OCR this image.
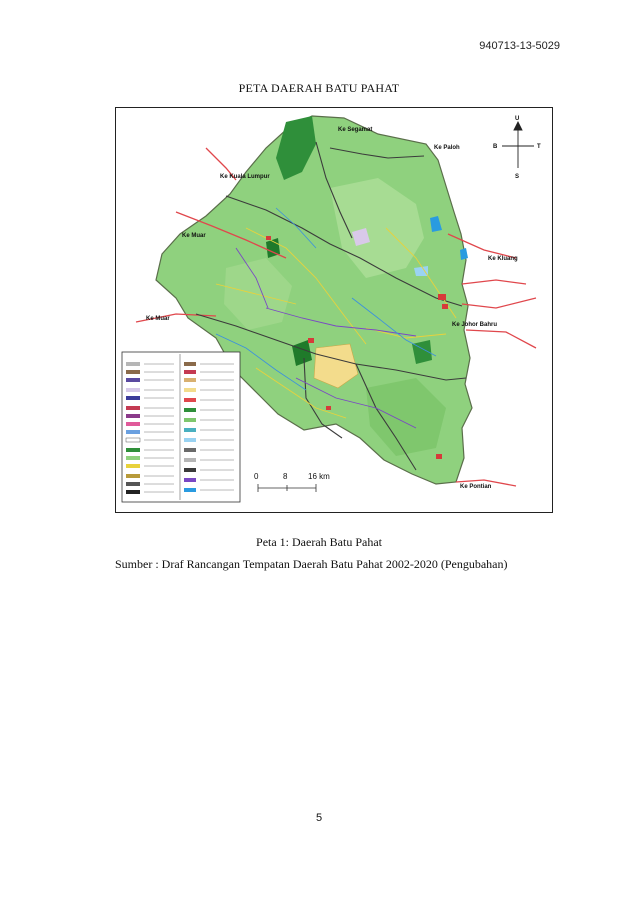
940713-13-5029
PETA DAERAH BATU PAHAT
U
S
B	T
0	8	16 km
Ke Segamat
Ke Paloh
Ke Kuala Lumpur
Ke Muar
Ke Muar
Ke Kluang
Ke Johor Bahru
Ke Pontian
Peta 1: Daerah Batu Pahat
Sumber : Draf Rancangan Tempatan Daerah Batu Pahat 2002-2020 (Pengubahan)
5
